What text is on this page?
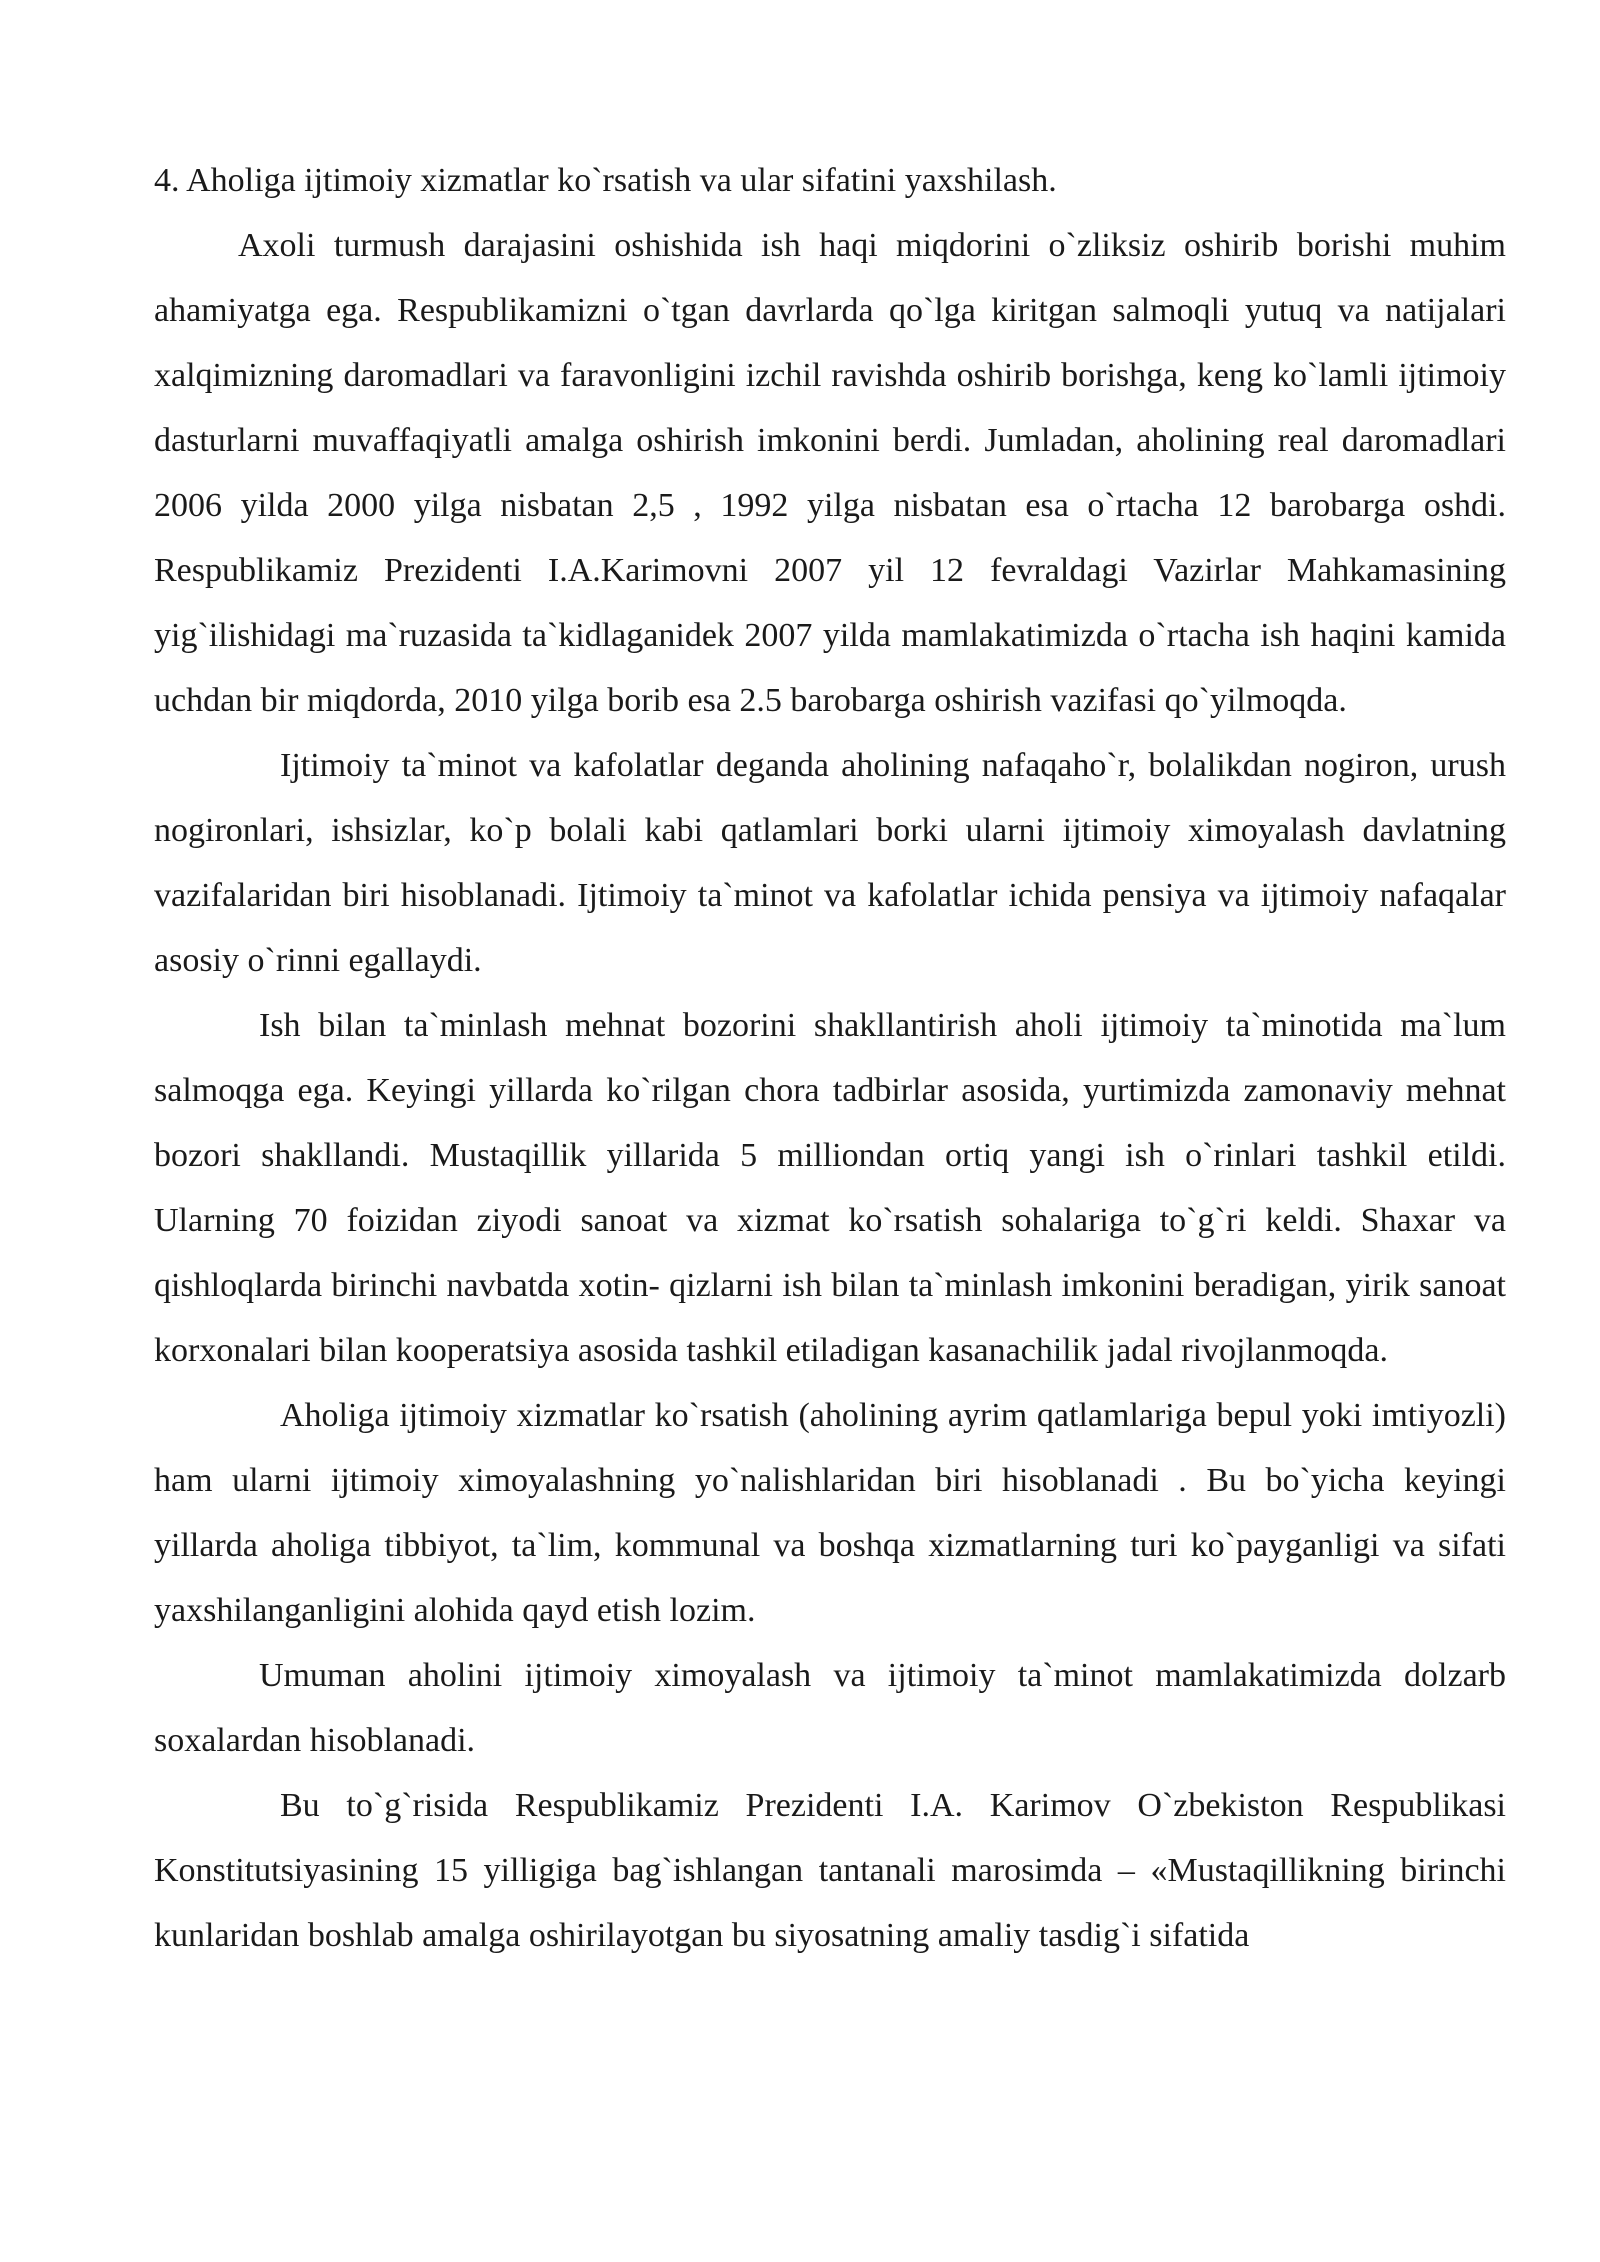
4. Aholiga ijtimoiy xizmatlar ko`rsatish va ular sifatini yaxshilash.

Axoli turmush darajasini oshishida ish haqi miqdorini o`zliksiz oshirib borishi muhim ahamiyatga ega. Respublikamizni o`tgan davrlarda qo`lga kiritgan salmoqli yutuq va natijalari xalqimizning daromadlari va faravonligini izchil ravishda oshirib borishga, keng ko`lamli ijtimoiy dasturlarni muvaffaqiyatli amalga oshirish imkonini berdi. Jumladan, aholining real daromadlari 2006 yilda 2000 yilga nisbatan 2,5 , 1992 yilga nisbatan esa o`rtacha 12 barobarga oshdi. Respublikamiz Prezidenti I.A.Karimovni 2007 yil 12 fevraldagi Vazirlar Mahkamasining yig`ilishidagi ma`ruzasida ta`kidlaganidek 2007 yilda mamlakatimizda o`rtacha ish haqini kamida uchdan bir miqdorda, 2010 yilga borib esa 2.5 barobarga oshirish vazifasi qo`yilmoqda.

Ijtimoiy ta`minot va kafolatlar deganda aholining nafaqaho`r, bolalikdan nogiron, urush nogironlari, ishsizlar, ko`p bolali kabi qatlamlari borki ularni ijtimoiy ximoyalash davlatning vazifalaridan biri hisoblanadi. Ijtimoiy ta`minot va kafolatlar ichida pensiya va ijtimoiy nafaqalar asosiy o`rinni egallaydi.

Ish bilan ta`minlash mehnat bozorini shakllantirish aholi ijtimoiy ta`minotida ma`lum salmoqga ega. Keyingi yillarda ko`rilgan chora tadbirlar asosida, yurtimizda zamonaviy mehnat bozori shakllandi. Mustaqillik yillarida 5 milliondan ortiq yangi ish o`rinlari tashkil etildi. Ularning 70 foizidan ziyodi sanoat va xizmat ko`rsatish sohalariga to`g`ri keldi. Shaxar va qishloqlarda birinchi navbatda xotin- qizlarni ish bilan ta`minlash imkonini beradigan, yirik sanoat korxonalari bilan kooperatsiya asosida tashkil etiladigan kasanachilik jadal rivojlanmoqda.

Aholiga ijtimoiy xizmatlar ko`rsatish (aholining ayrim qatlamlariga bepul yoki imtiyozli) ham ularni ijtimoiy ximoyalashning yo`nalishlaridan biri hisoblanadi . Bu bo`yicha keyingi yillarda aholiga tibbiyot, ta`lim, kommunal va boshqa xizmatlarning turi ko`payganligi va sifati yaxshilanganligini alohida qayd etish lozim.

Umuman aholini ijtimoiy ximoyalash va ijtimoiy ta`minot mamlakatimizda dolzarb soxalardan hisoblanadi.

Bu to`g`risida Respublikamiz Prezidenti I.A. Karimov O`zbekiston Respublikasi Konstitutsiyasining 15 yilligiga bag`ishlangan tantanali marosimda – «Mustaqillikning birinchi kunlaridan boshlab amalga oshirilayotgan bu siyosatning amaliy tasdig`i sifatida
